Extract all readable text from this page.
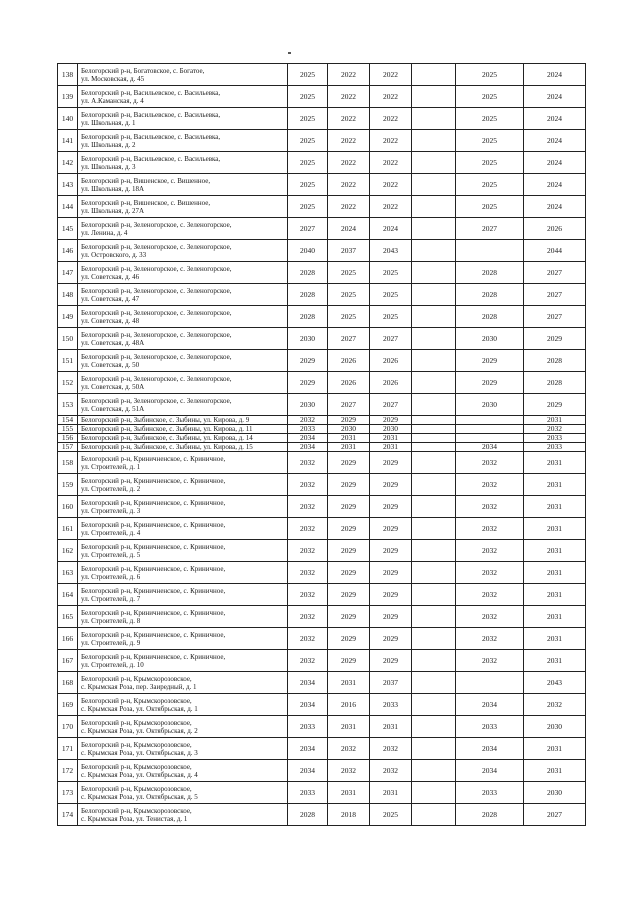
138	Белогорский р-н, Богатовское, с. Богатое,
ул. Московская, д. 45	2025	2022	2022		2025	2024
139	Белогорский р-н, Васильевское, с. Васильевка,
ул. А.Каманская, д. 4	2025	2022	2022		2025	2024
140	Белогорский р-н, Васильевское, с. Васильевка,
ул. Школьная, д. 1	2025	2022	2022		2025	2024
141	Белогорский р-н, Васильевское, с. Васильевка,
ул. Школьная, д. 2	2025	2022	2022		2025	2024
142	Белогорский р-н, Васильевское, с. Васильевка,
ул. Школьная, д. 3	2025	2022	2022		2025	2024
143	Белогорский р-н, Вишенское, с. Вишенное,
ул. Школьная, д. 18А	2025	2022	2022		2025	2024
144	Белогорский р-н, Вишенское, с. Вишенное,
ул. Школьная, д. 27А	2025	2022	2022		2025	2024
145	Белогорский р-н, Зеленогорское, с. Зеленогорское,
ул. Ленина, д. 4	2027	2024	2024		2027	2026
146	Белогорский р-н, Зеленогорское, с. Зеленогорское,
ул. Островского, д. 33	2040	2037	2043			2044
147	Белогорский р-н, Зеленогорское, с. Зеленогорское,
ул. Советская, д. 46	2028	2025	2025		2028	2027
148	Белогорский р-н, Зеленогорское, с. Зеленогорское,
ул. Советская, д. 47	2028	2025	2025		2028	2027
149	Белогорский р-н, Зеленогорское, с. Зеленогорское,
ул. Советская, д. 48	2028	2025	2025		2028	2027
150	Белогорский р-н, Зеленогорское, с. Зеленогорское,
ул. Советская, д. 48А	2030	2027	2027		2030	2029
151	Белогорский р-н, Зеленогорское, с. Зеленогорское,
ул. Советская, д. 50	2029	2026	2026		2029	2028
152	Белогорский р-н, Зеленогорское, с. Зеленогорское,
ул. Советская, д. 50А	2029	2026	2026		2029	2028
153	Белогорский р-н, Зеленогорское, с. Зеленогорское,
ул. Советская, д. 51А	2030	2027	2027		2030	2029
154	Белогорский р-н, Зыбинское, с. Зыбины, ул. Кирова, д. 9	2032	2029	2029			2031
155	Белогорский р-н, Зыбинское, с. Зыбины, ул. Кирова, д. 11	2033	2030	2030			2032
156	Белогорский р-н, Зыбинское, с. Зыбины, ул. Кирова, д. 14	2034	2031	2031			2033
157	Белогорский р-н, Зыбинское, с. Зыбины, ул. Кирова, д. 15	2034	2031	2031		2034	2033
158	Белогорский р-н, Криничненское, с. Криничное,
ул. Строителей, д. 1	2032	2029	2029		2032	2031
159	Белогорский р-н, Криничненское, с. Криничное,
ул. Строителей, д. 2	2032	2029	2029		2032	2031
160	Белогорский р-н, Криничненское, с. Криничное,
ул. Строителей, д. 3	2032	2029	2029		2032	2031
161	Белогорский р-н, Криничненское, с. Криничное,
ул. Строителей, д. 4	2032	2029	2029		2032	2031
162	Белогорский р-н, Криничненское, с. Криничное,
ул. Строителей, д. 5	2032	2029	2029		2032	2031
163	Белогорский р-н, Криничненское, с. Криничное,
ул. Строителей, д. 6	2032	2029	2029		2032	2031
164	Белогорский р-н, Криничненское, с. Криничное,
ул. Строителей, д. 7	2032	2029	2029		2032	2031
165	Белогорский р-н, Криничненское, с. Криничное,
ул. Строителей, д. 8	2032	2029	2029		2032	2031
166	Белогорский р-н, Криничненское, с. Криничное,
ул. Строителей, д. 9	2032	2029	2029		2032	2031
167	Белогорский р-н, Криничненское, с. Криничное,
ул. Строителей, д. 10	2032	2029	2029		2032	2031
168	Белогорский р-н, Крымскорозовское,
с. Крымская Роза, пер. Заиредный, д. 1	2034	2031	2037			2043
169	Белогорский р-н, Крымскорозовское,
с. Крымская Роза, ул. Октябрьская, д. 1	2034	2016	2033		2034	2032
170	Белогорский р-н, Крымскорозовское,
с. Крымская Роза, ул. Октябрьская, д. 2	2033	2031	2031		2033	2030
171	Белогорский р-н, Крымскорозовское,
с. Крымская Роза, ул. Октябрьская, д. 3	2034	2032	2032		2034	2031
172	Белогорский р-н, Крымскорозовское,
с. Крымская Роза, ул. Октябрьская, д. 4	2034	2032	2032		2034	2031
173	Белогорский р-н, Крымскорозовское,
с. Крымская Роза, ул. Октябрьская, д. 5	2033	2031	2031		2033	2030
174	Белогорский р-н, Крымскорозовское,
с. Крымская Роза, ул. Тенистая, д. 1	2028	2018	2025		2028	2027
